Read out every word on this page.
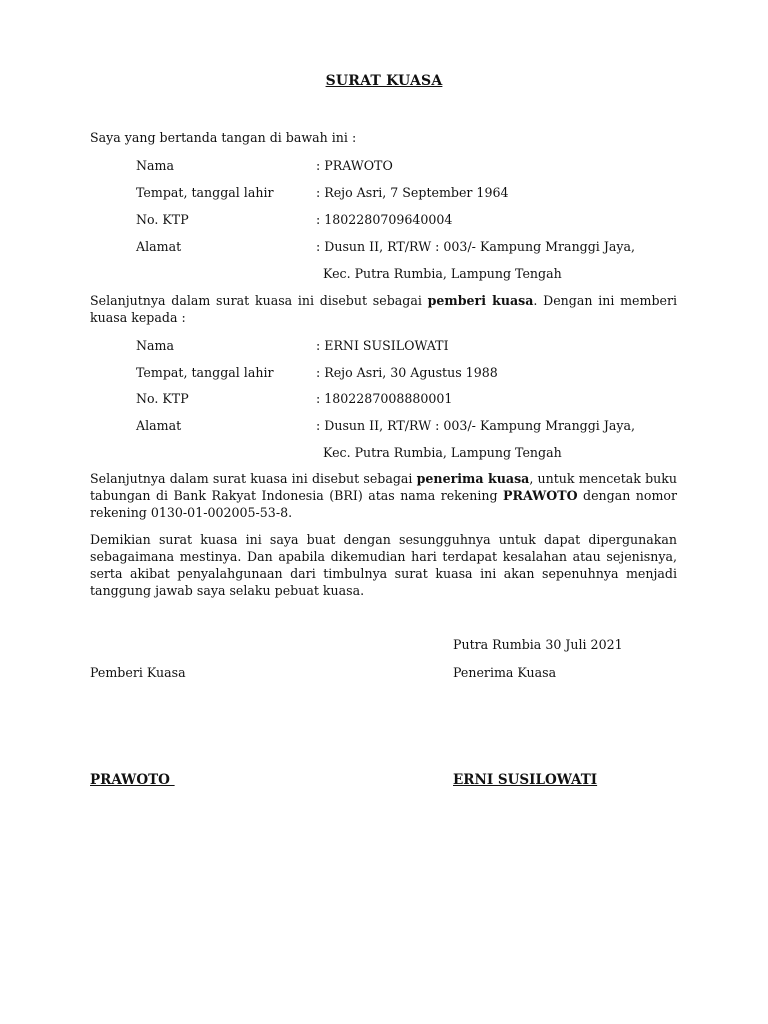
SURAT KUASA
Saya yang bertanda tangan di bawah ini :
Nama	: PRAWOTO
Tempat, tanggal lahir	: Rejo Asri, 7 September 1964
No. KTP	: 1802280709640004
Alamat	: Dusun II, RT/RW : 003/- Kampung Mranggi Jaya,
Kec. Putra Rumbia, Lampung Tengah
Selanjutnya dalam surat kuasa ini disebut sebagai pemberi kuasa. Dengan ini memberi kuasa kepada :
Nama	: ERNI SUSILOWATI
Tempat, tanggal lahir	: Rejo Asri, 30 Agustus 1988
No. KTP	: 1802287008880001
Alamat	: Dusun II, RT/RW : 003/- Kampung Mranggi Jaya,
Kec. Putra Rumbia, Lampung Tengah
Selanjutnya dalam surat kuasa ini disebut sebagai penerima kuasa, untuk mencetak buku tabungan di Bank Rakyat Indonesia (BRI) atas nama rekening PRAWOTO dengan nomor rekening 0130-01-002005-53-8.
Demikian surat kuasa ini saya buat dengan sesungguhnya untuk dapat dipergunakan sebagaimana mestinya. Dan apabila dikemudian hari terdapat kesalahan atau sejenisnya, serta akibat penyalahgunaan dari timbulnya surat kuasa ini akan sepenuhnya menjadi tanggung jawab saya selaku pebuat kuasa.
Putra Rumbia 30 Juli 2021
Pemberi Kuasa	Penerima Kuasa
PRAWOTO	ERNI SUSILOWATI
